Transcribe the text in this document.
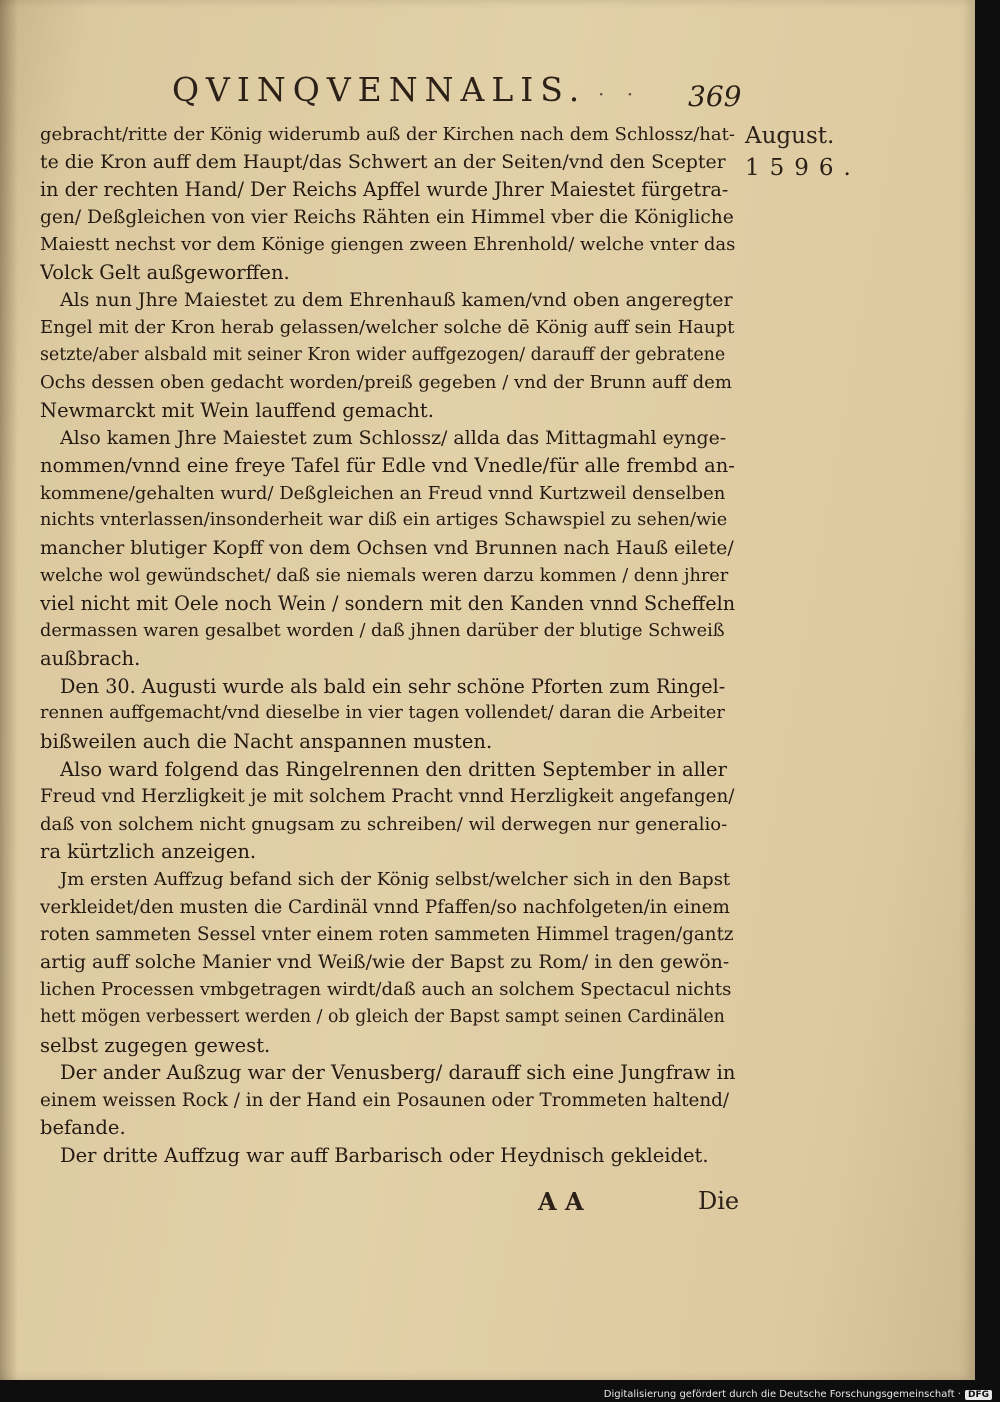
QVINQVENNALIS. · · 369
gebracht/ritte der König widerumb auß der Kirchen nach dem Schlossz/hat-
te die Kron auff dem Haupt/das Schwert an der Seiten/vnd den Scepter
in der rechten Hand/ Der Reichs Apffel wurde Jhrer Maiestet fürgetra-
gen/ Deßgleichen von vier Reichs Rähten ein Himmel vber die Königliche
Maiestt nechst vor dem Könige giengen zween Ehrenhold/ welche vnter das
Volck Gelt außgeworffen.
Als nun Jhre Maiestet zu dem Ehrenhauß kamen/vnd oben angeregter
Engel mit der Kron herab gelassen/welcher solche dē König auff sein Haupt
setzte/aber alsbald mit seiner Kron wider auffgezogen/ darauff der gebratene
Ochs dessen oben gedacht worden/preiß gegeben / vnd der Brunn auff dem
Newmarckt mit Wein lauffend gemacht.
Also kamen Jhre Maiestet zum Schlossz/ allda das Mittagmahl eynge-
nommen/vnnd eine freye Tafel für Edle vnd Vnedle/für alle frembd an-
kommene/gehalten wurd/ Deßgleichen an Freud vnnd Kurtzweil denselben
nichts vnterlassen/insonderheit war diß ein artiges Schawspiel zu sehen/wie
mancher blutiger Kopff von dem Ochsen vnd Brunnen nach Hauß eilete/
welche wol gewündschet/ daß sie niemals weren darzu kommen / denn jhrer
viel nicht mit Oele noch Wein / sondern mit den Kanden vnnd Scheffeln
dermassen waren gesalbet worden / daß jhnen darüber der blutige Schweiß
außbrach.
Den 30. Augusti wurde als bald ein sehr schöne Pforten zum Ringel-
rennen auffgemacht/vnd dieselbe in vier tagen vollendet/ daran die Arbeiter
bißweilen auch die Nacht anspannen musten.
Also ward folgend das Ringelrennen den dritten September in aller
Freud vnd Herzligkeit je mit solchem Pracht vnnd Herzligkeit angefangen/
daß von solchem nicht gnugsam zu schreiben/ wil derwegen nur generalio-
ra kürtzlich anzeigen.
Jm ersten Auffzug befand sich der König selbst/welcher sich in den Bapst
verkleidet/den musten die Cardinäl vnnd Pfaffen/so nachfolgeten/in einem
roten sammeten Sessel vnter einem roten sammeten Himmel tragen/gantz
artig auff solche Manier vnd Weiß/wie der Bapst zu Rom/ in den gewön-
lichen Processen vmbgetragen wirdt/daß auch an solchem Spectacul nichts
hett mögen verbessert werden / ob gleich der Bapst sampt seinen Cardinälen
selbst zugegen gewest.
Der ander Außzug war der Venusberg/ darauff sich eine Jungfraw in
einem weissen Rock / in der Hand ein Posaunen oder Trommeten haltend/
befande.
Der dritte Auffzug war auff Barbarisch oder Heydnisch gekleidet.
August.
1596.
A A	Die
Digitalisierung gefördert durch die Deutsche Forschungsgemeinschaft · DFG
